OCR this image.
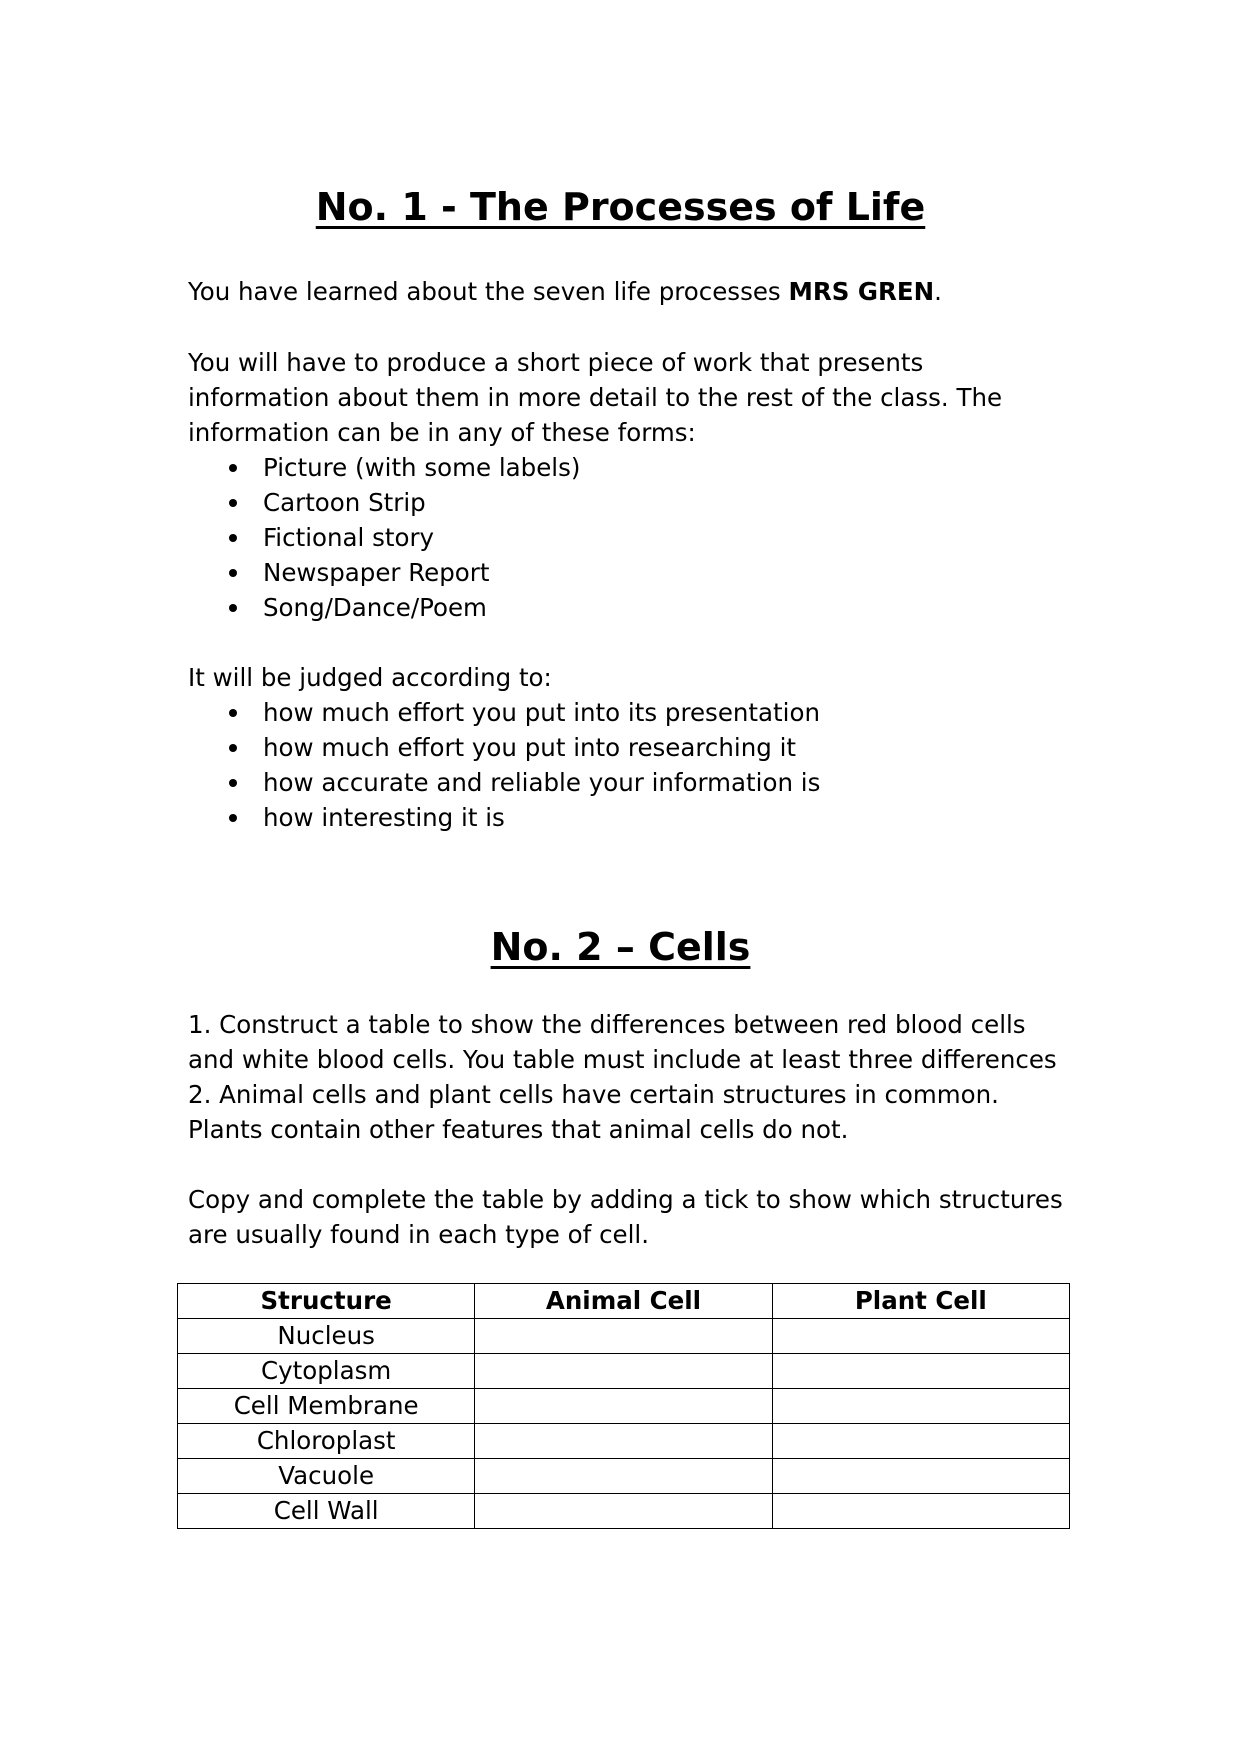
No. 1 - The Processes of Life

You have learned about the seven life processes MRS GREN.

You will have to produce a short piece of work that presents information about them in more detail to the rest of the class. The information can be in any of these forms:

Picture (with some labels)
Cartoon Strip
Fictional story
Newspaper Report
Song/Dance/Poem

It will be judged according to:

how much effort you put into its presentation
how much effort you put into researching it
how accurate and reliable your information is
how interesting it is
No. 2 – Cells

1. Construct a table to show the differences between red blood cells and white blood cells. You table must include at least three differences

2. Animal cells and plant cells have certain structures in common. Plants contain other features that animal cells do not.

Copy and complete the table by adding a tick to show which structures are usually found in each type of cell.

Structure	Animal Cell	Plant Cell
Nucleus		
Cytoplasm		
Cell Membrane		
Chloroplast		
Vacuole		
Cell Wall		
